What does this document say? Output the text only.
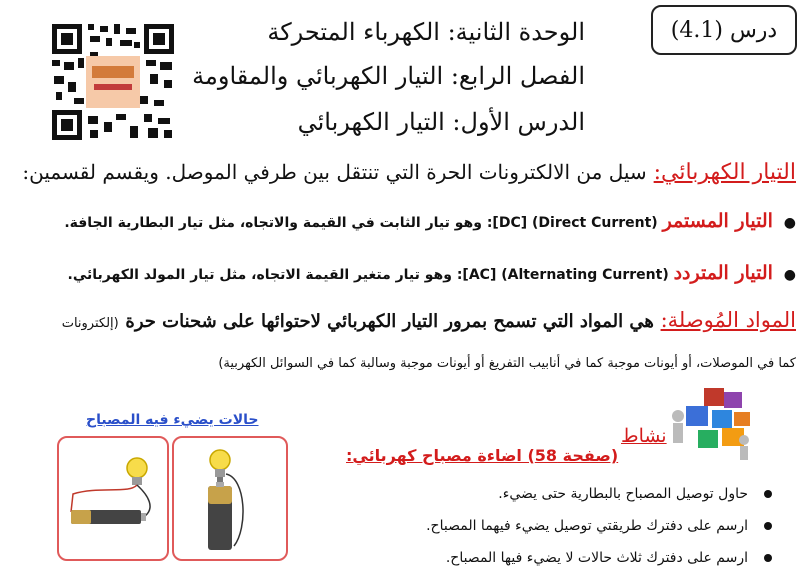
درس (4.1)
الوحدة الثانية: الكهرباء المتحركة
الفصل الرابع: التيار الكهربائي والمقاومة
الدرس الأول: التيار الكهربائي
التيار الكهربائي: سيل من الالكترونات الحرة التي تنتقل بين طرفي الموصل. ويقسم لقسمين:
● التيار المستمر (Direct Current) [DC]: وهو تيار الثابت في القيمة والاتجاه، مثل تيار البطارية الجافة.
● التيار المتردد (Alternating Current) [AC]: وهو تيار متغير القيمة الاتجاه، مثل تيار المولد الكهربائي.
المواد المُوصلة: هي المواد التي تسمح بمرور التيار الكهربائي لاحتوائها على شحنات حرة (إلكترونات
كما في الموصلات، أو أيونات موجبة كما في أنابيب التفريغ أو أيونات موجبة وسالبة كما في السوائل الكهربية)
نشاط
(صفحة 58) اضاءة مصباح كهربائي:
حاول توصيل المصباح بالبطارية حتى يضيء.
ارسم على دفترك طريقتي توصيل يضيء فيهما المصباح.
ارسم على دفترك ثلاث حالات لا يضيء فيها المصباح.
حالات يضيء فيه المصباح
